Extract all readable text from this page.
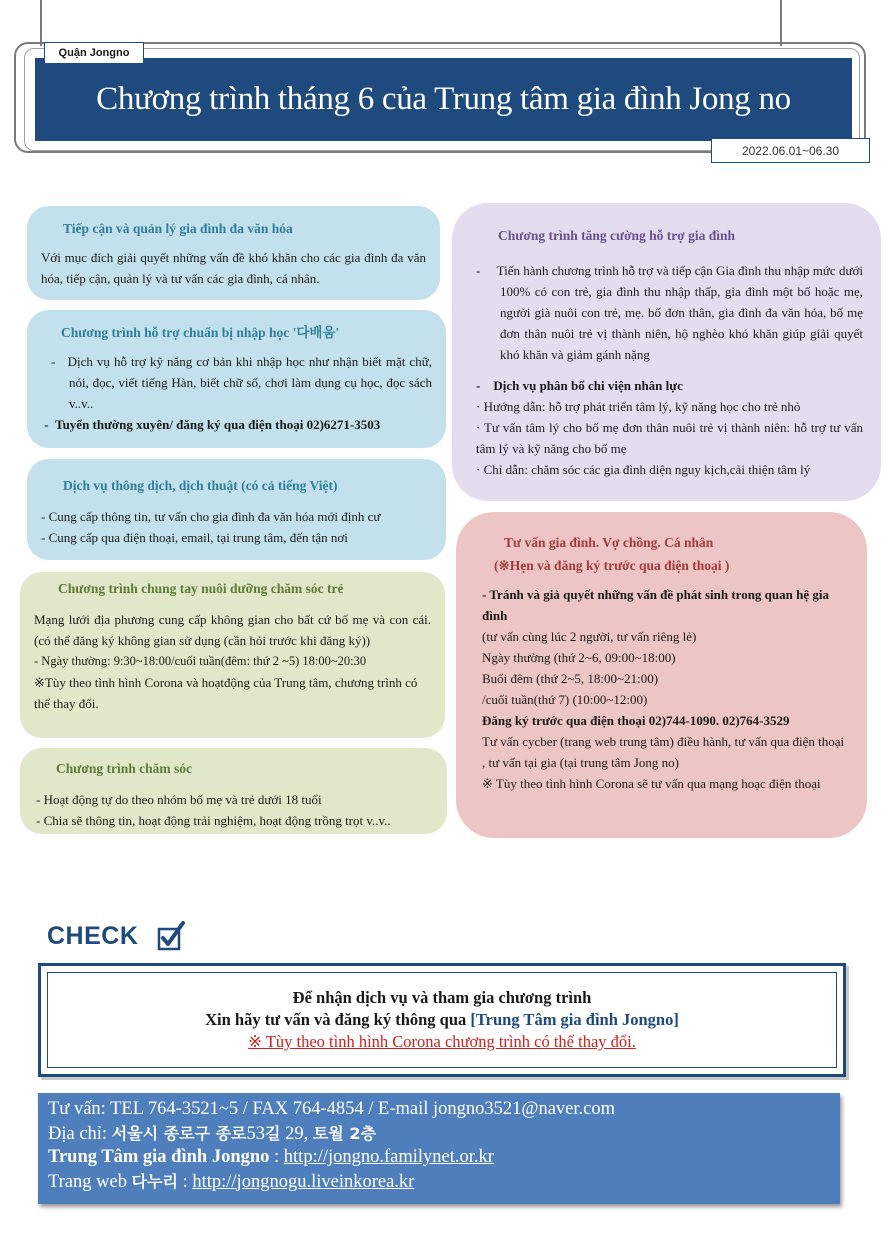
Chương trình tháng 6 của Trung tâm gia đình Jong no
Quận Jongno
2022.06.01~06.30
Tiếp cận và quản lý gia đình đa văn hóa

Với mục đích giải quyết những vấn đề khó khăn cho các gia đình đa văn hóa, tiếp cận, quản lý và tư vấn các gia đình, cá nhân.

Chương trình hỗ trợ chuẩn bị nhập học '다배움'

-   Dịch vụ hỗ trợ kỹ năng cơ bản khi nhập học như nhận biết mặt chữ, nói, đọc, viết tiếng Hàn, biết chữ số, chơi làm dụng cụ học, đọc sách v..v..

-  Tuyển thường xuyên/ đăng ký qua điện thoại 02)6271-3503

Dịch vụ thông dịch, dịch thuật (có cả tiếng Việt)

- Cung cấp thông tin, tư vấn cho gia đình đa văn hóa mới định cư

- Cung cấp qua điện thoại, email, tại trung tâm, đến tận nơi

Chương trình chung tay nuôi dưỡng chăm sóc trẻ

Mạng lưới địa phương cung cấp không gian cho bất cứ bố mẹ và con cái. (có thể đăng ký không gian sử dụng (cần hỏi trước khi đăng ký))

- Ngày thường: 9:30~18:00/cuối tuần(đêm: thứ 2 ~5) 18:00~20:30

※Tùy theo tình hình Corona và hoạtđộng của Trung tâm, chương trình có thể thay đổi.

Chương trình chăm sóc

- Hoạt động tự do theo nhóm bố mẹ và trẻ dưới 18 tuổi

- Chia sẽ thông tin, hoạt động trải nghiệm, hoạt động trồng trọt v..v..

Chương trình tăng cường hỗ trợ gia đình

-     Tiến hành chương trình hỗ trợ và tiếp cận Gia đình thu nhập mức dưới 100% có con trẻ, gia đình thu nhập thấp, gia đình một bố hoặc mẹ, người già nuôi con trẻ, mẹ. bố đơn thân, gia đình đa văn hóa, bố mẹ đơn thân nuôi trẻ vị thành niên, hộ nghèo khó khăn giúp giải quyết khó khăn và giảm gánh nặng

-    Dịch vụ phân bổ chi viện nhân lực

· Hướng dẫn: hỗ trợ phát triển tâm lý, kỹ năng học cho trẻ nhỏ

· Tư vấn tâm lý cho bố mẹ đơn thân nuôi trẻ vị thành niên: hỗ trợ tư vấn tâm lý và kỹ năng cho bố mẹ

· Chỉ dẫn: chăm sóc các gia đình diện nguy kịch,cải thiện tâm lý

Tư vấn gia đình. Vợ chồng. Cá nhân
(※Hẹn và đăng ký trước qua điện thoại )

- Tránh và giả quyết những vấn đề phát sinh trong quan hệ gia đình

(tư vấn cùng lúc 2 người, tư vấn riêng lẻ)

Ngày thường (thứ 2~6, 09:00~18:00)

Buổi đêm (thứ 2~5, 18:00~21:00)

/cuối tuần(thứ 7) (10:00~12:00)

Đăng ký trước qua điện thoại 02)744-1090. 02)764-3529

Tư vấn cycber (trang web trung tâm) điều hành, tư vấn qua điện thoại , tư vấn tại gia (tại trung tâm Jong no)

※ Tùy theo tình hình Corona sẽ tư vấn qua mạng hoạc điện thoại

CHECK
Để nhận dịch vụ và tham gia chương trình
Xin hãy tư vấn và đăng ký thông qua [Trung Tâm gia đình Jongno]
※ Tùy theo tình hình Corona chương trình có thể thay đổi.
Tư vấn: TEL 764-3521~5 / FAX 764-4854 / E-mail jongno3521@naver.com
Địa chỉ: 서울시 종로구 종로53길 29, 토월 2층
Trung Tâm gia đình Jongno : http://jongno.familynet.or.kr
Trang web 다누리 : http://jongnogu.liveinkorea.kr
